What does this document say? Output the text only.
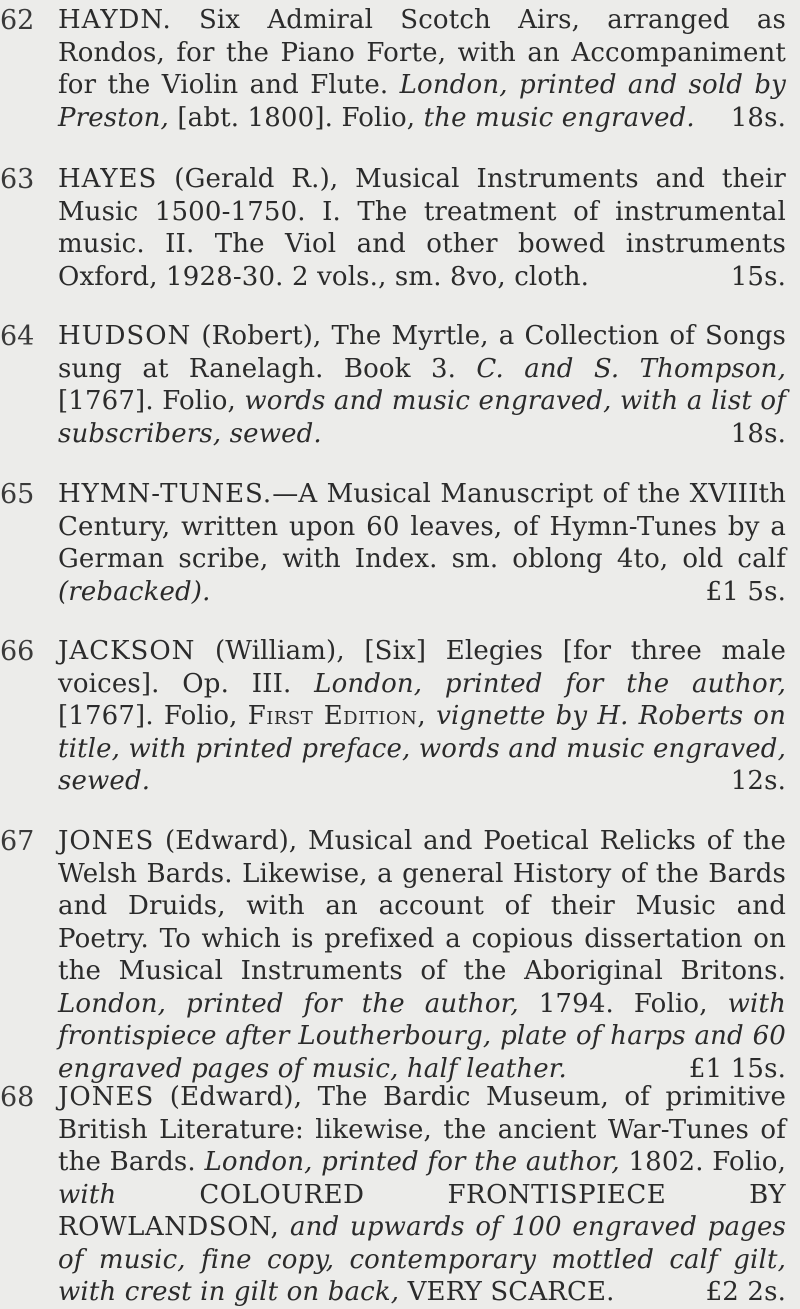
62 HAYDN. Six Admiral Scotch Airs, arranged as Rondos, for the Piano Forte, with an Accompaniment for the Violin and Flute. London, printed and sold by Preston, [abt. 1800]. Folio, the music engraved. 18s.
63 HAYES (Gerald R.), Musical Instruments and their Music 1500-1750. I. The treatment of instrumental music. II. The Viol and other bowed instruments Oxford, 1928-30. 2 vols., sm. 8vo, cloth.	15s.
64 HUDSON (Robert), The Myrtle, a Collection of Songs sung at Ranelagh. Book 3. C. and S. Thompson, [1767]. Folio, words and music engraved, with a list of subscribers, sewed.	18s.
65 HYMN-TUNES.—A Musical Manuscript of the XVIIIth Century, written upon 60 leaves, of Hymn-Tunes by a German scribe, with Index. sm. oblong 4to, old calf (rebacked).	£1 5s.
66 JACKSON (William), [Six] Elegies [for three male voices]. Op. III. London, printed for the author, [1767]. Folio, First Edition, vignette by H. Roberts on title, with printed preface, words and music engraved, sewed.	12s.
67 JONES (Edward), Musical and Poetical Relicks of the Welsh Bards. Likewise, a general History of the Bards and Druids, with an account of their Music and Poetry. To which is prefixed a copious dissertation on the Musical Instruments of the Aboriginal Britons. London, printed for the author, 1794. Folio, with frontispiece after Loutherbourg, plate of harps and 60 engraved pages of music, half leather.	£1 15s.
68 JONES (Edward), The Bardic Museum, of primitive British Literature: likewise, the ancient War-Tunes of the Bards. London, printed for the author, 1802. Folio, with COLOURED FRONTISPIECE BY ROWLANDSON, and upwards of 100 engraved pages of music, fine copy, contemporary mottled calf gilt, with crest in gilt on back, VERY SCARCE.	£2 2s.
